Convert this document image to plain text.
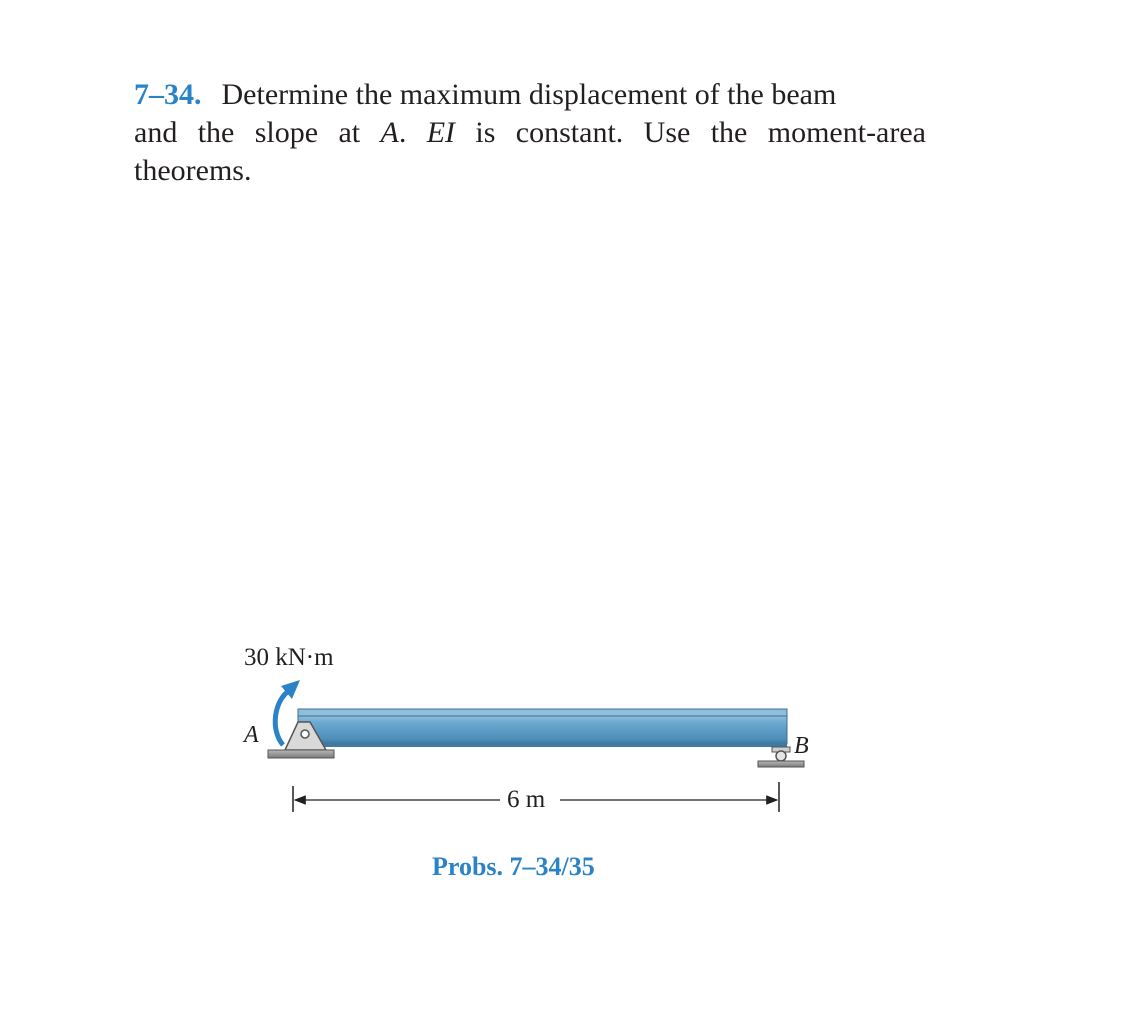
7–34. Determine the maximum displacement of the beam
and the slope at A. EI is constant. Use the moment-area
theorems.
30 kN·m
A	B
6 m
Probs. 7–34/35
